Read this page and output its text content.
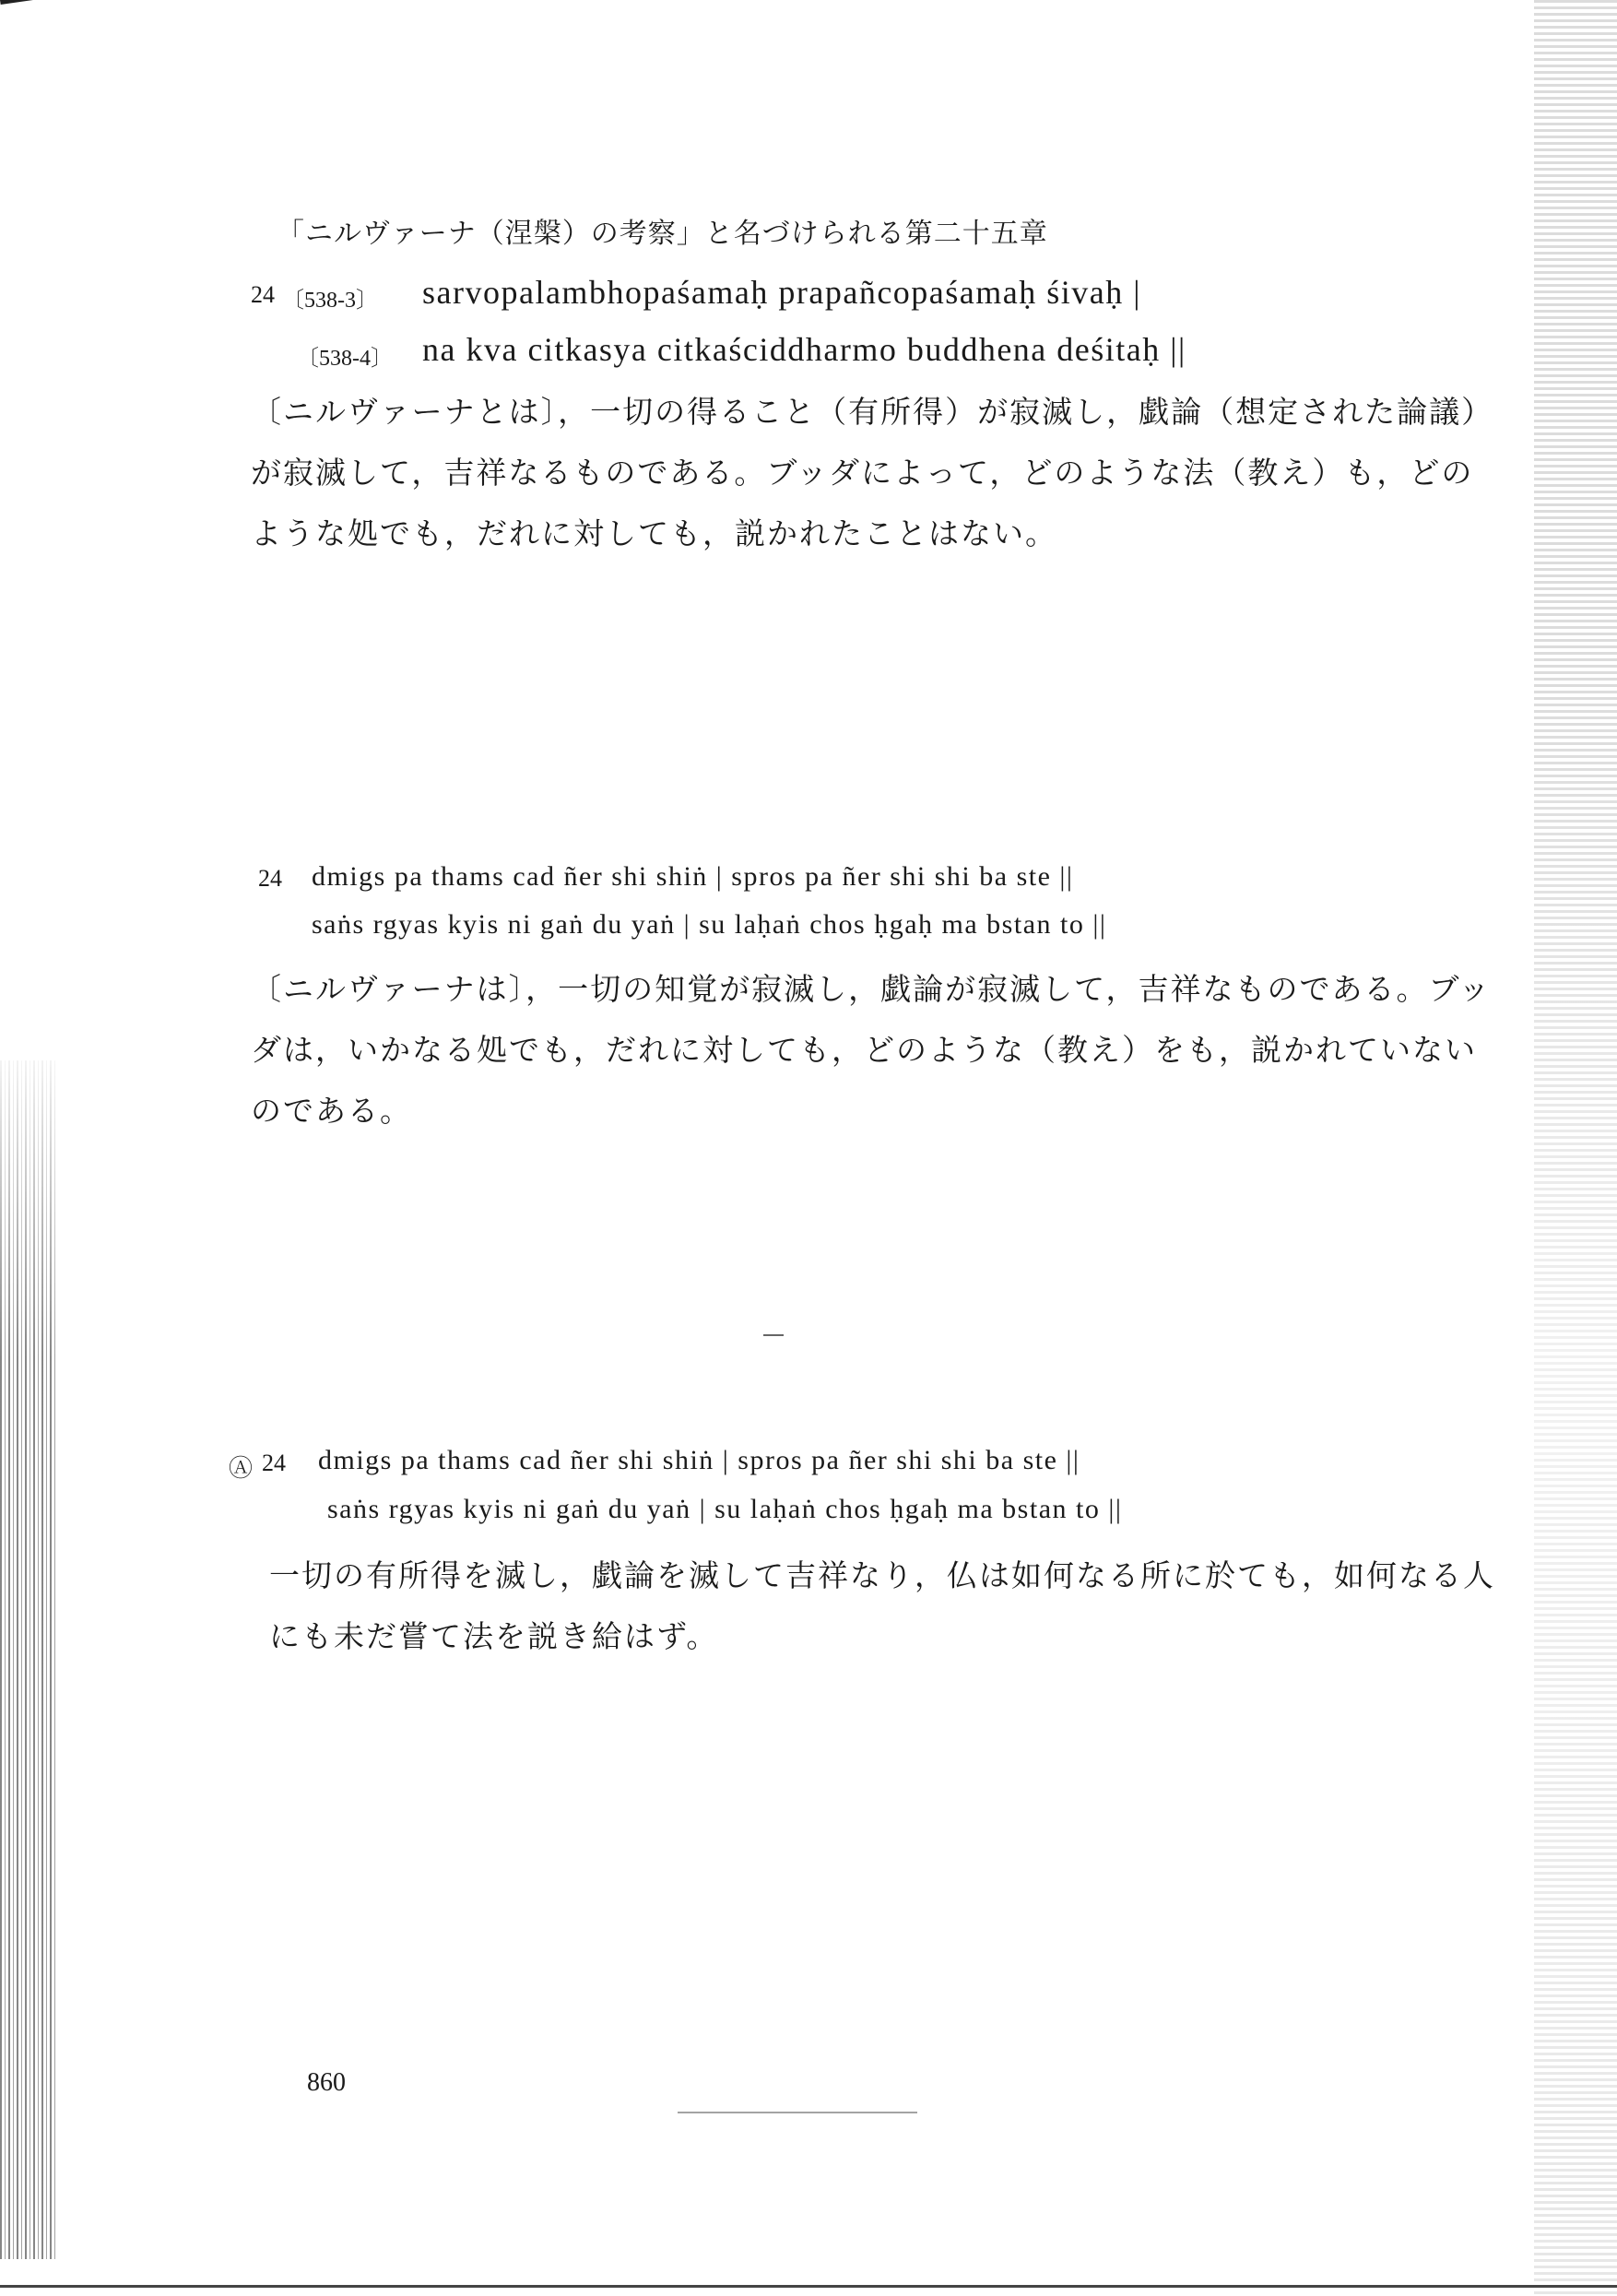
「ニルヴァーナ（涅槃）の考察」と名づけられる第二十五章
24 〔538-3〕 sarvopalambhopaśamaḥ prapañcopaśamaḥ śivaḥ |
〔538-4〕 na kva citkasya citkaściddharmo buddhena deśitaḥ ||
〔ニルヴァーナとは〕，一切の得ること（有所得）が寂滅し，戯論（想定された論議）が寂滅して，吉祥なるものである。ブッダによって，どのような法（教え）も，どのような処でも，だれに対しても，説かれたことはない。
24 dmigs pa thams cad ñer shi shiṅ | spros pa ñer shi shi ba ste ||
saṅs rgyas kyis ni gaṅ du yaṅ | su laḥaṅ chos ḥgaḥ ma bstan to ||
〔ニルヴァーナは〕，一切の知覚が寂滅し，戯論が寂滅して，吉祥なものである。ブッダは，いかなる処でも，だれに対しても，どのような（教え）をも，説かれていないのである。
Ⓐ 24 dmigs pa thams cad ñer shi shiṅ | spros pa ñer shi shi ba ste ||
saṅs rgyas kyis ni gaṅ du yaṅ | su laḥaṅ chos ḥgaḥ ma bstan to ||
一切の有所得を滅し，戯論を滅して吉祥なり，仏は如何なる所に於ても，如何なる人にも未だ嘗て法を説き給はず。
860
